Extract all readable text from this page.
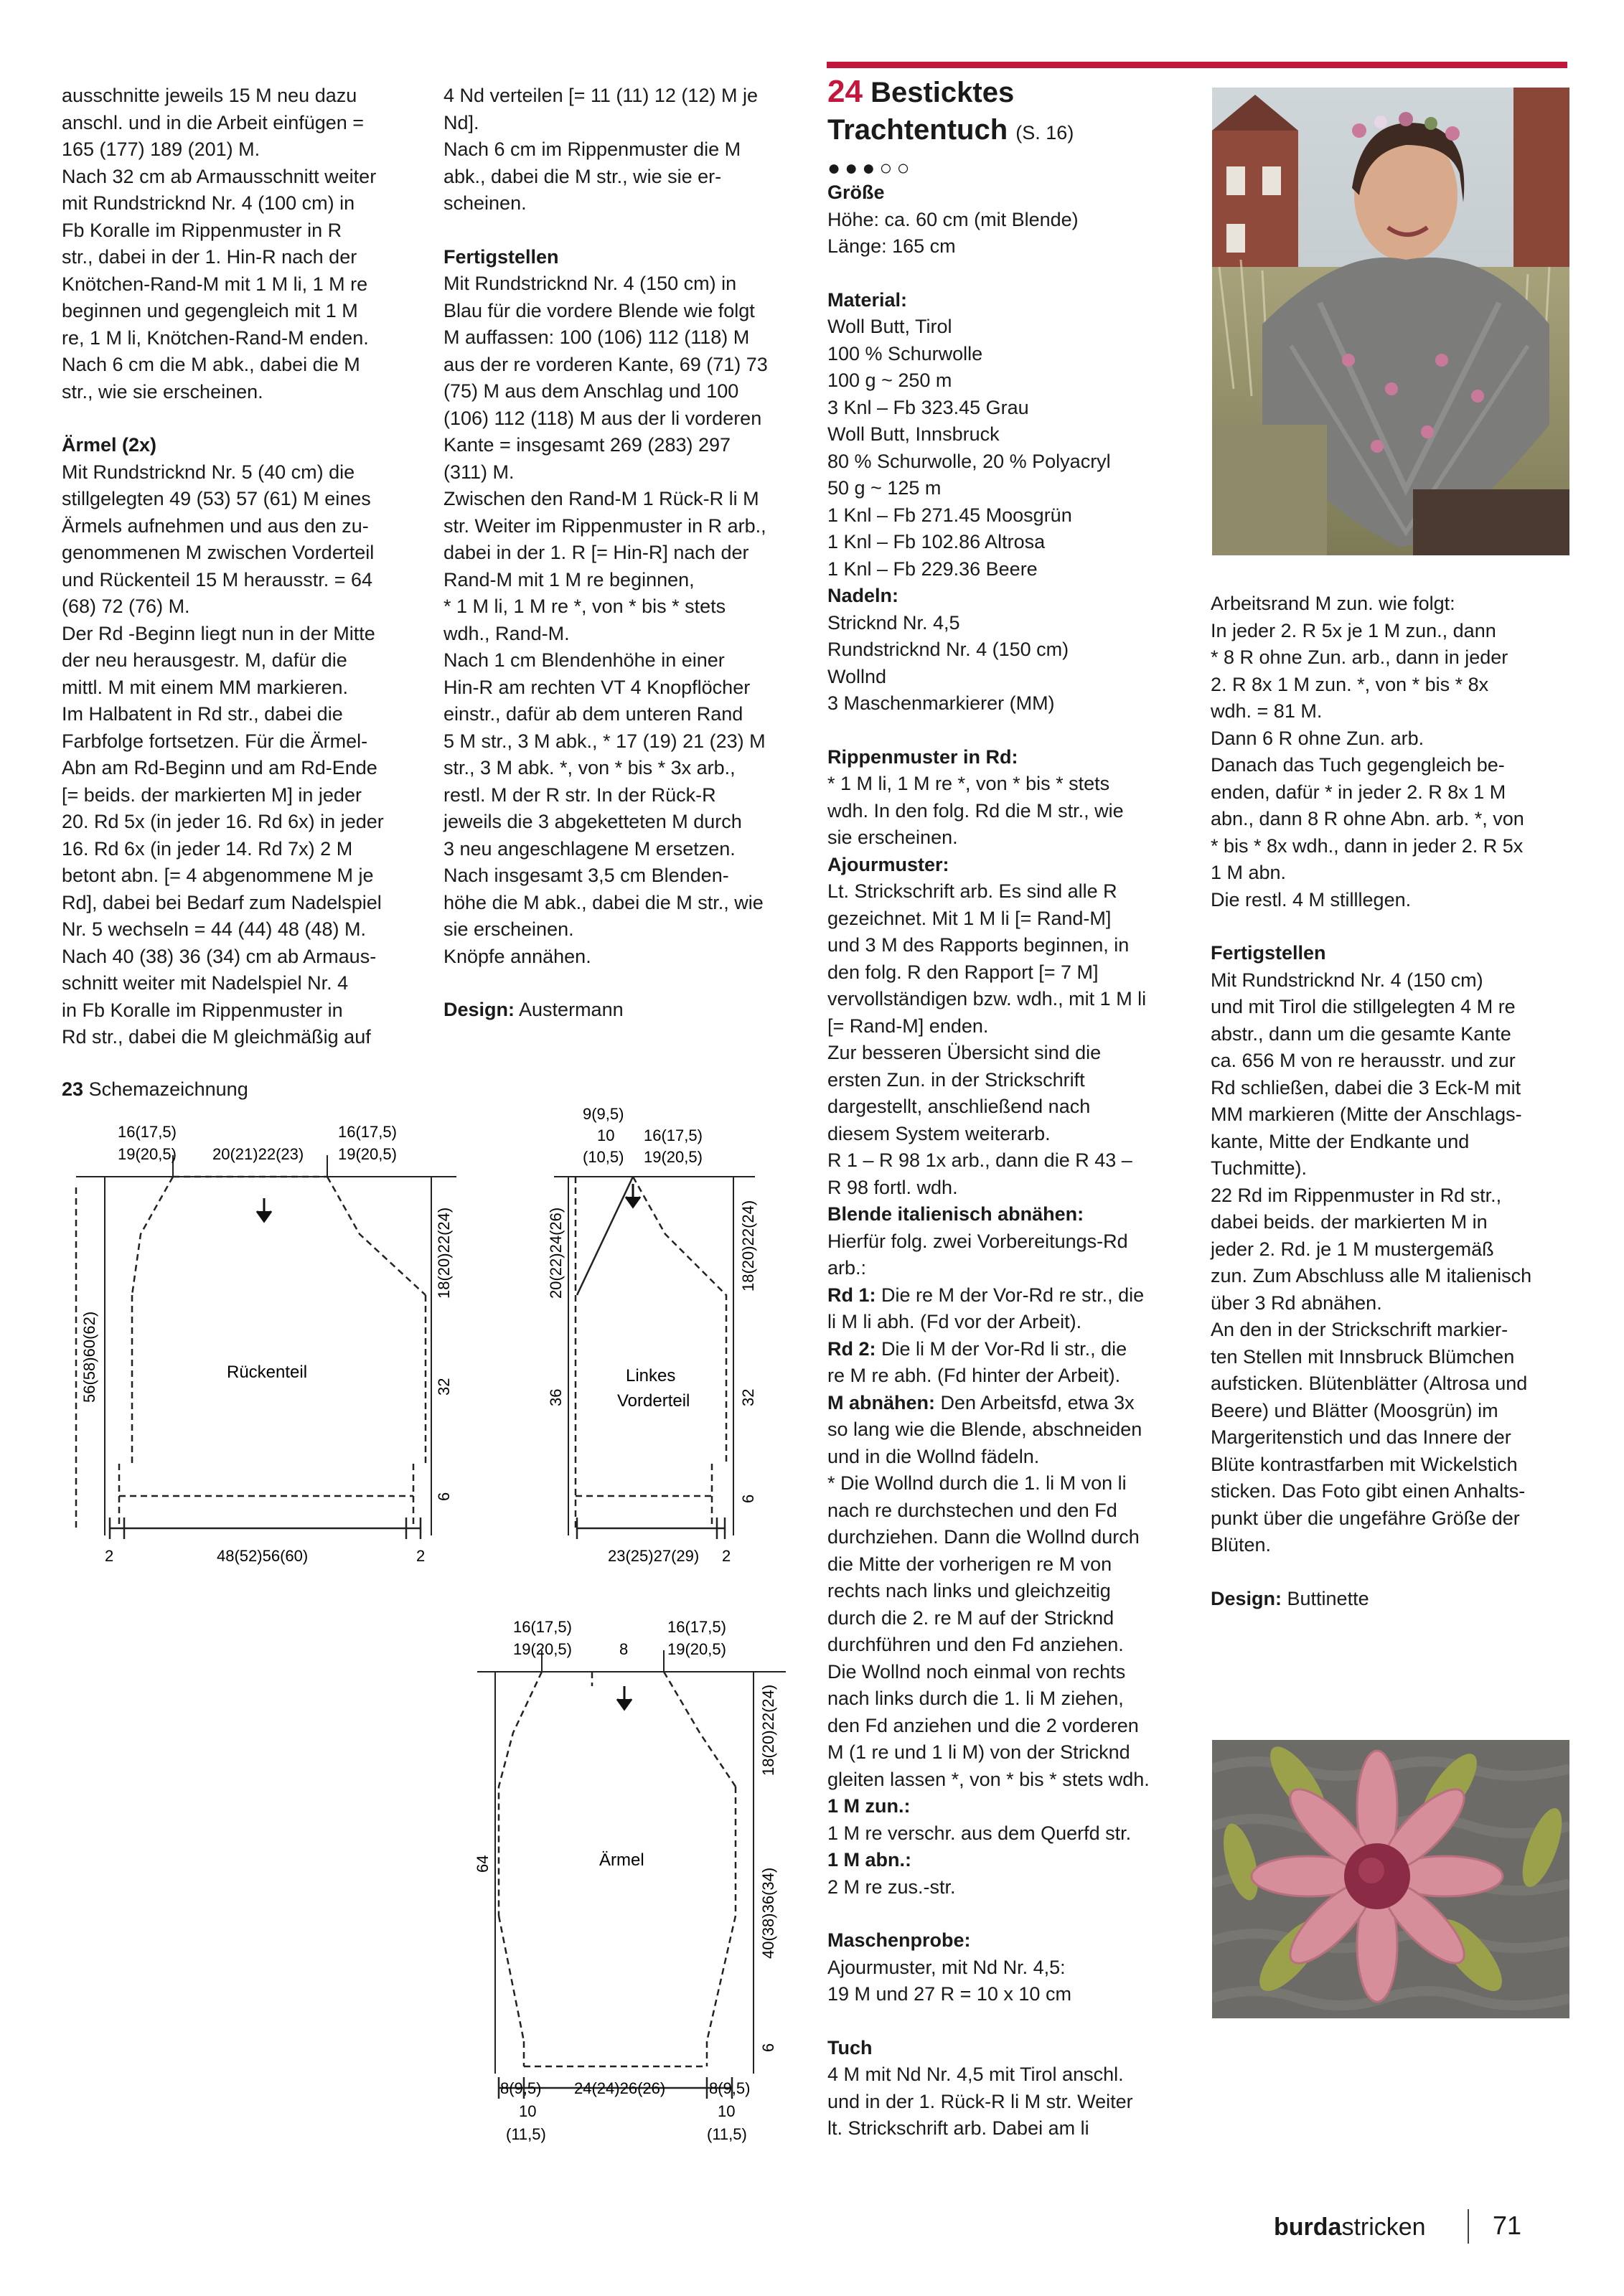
ausschnitte jeweils 15 M neu dazu

anschl. und in die Arbeit einfügen =

165 (177) 189 (201) M.

Nach 32 cm ab Armausschnitt weiter

mit Rundstricknd Nr. 4 (100 cm) in

Fb Koralle im Rippenmuster in R

str., dabei in der 1. Hin-R nach der

Knötchen-Rand-M mit 1 M li, 1 M re

beginnen und gegengleich mit 1 M

re, 1 M li, Knötchen-Rand-M enden.

Nach 6 cm die M abk., dabei die M

str., wie sie erscheinen.

Ärmel (2x)

Mit Rundstricknd Nr. 5 (40 cm) die

stillgelegten 49 (53) 57 (61) M eines

Ärmels aufnehmen und aus den zu-

genommenen M zwischen Vorderteil

und Rückenteil 15 M herausstr. = 64

(68) 72 (76) M.

Der Rd -Beginn liegt nun in der Mitte

der neu herausgestr. M, dafür die

mittl. M mit einem MM markieren.

Im Halbatent in Rd str., dabei die

Farbfolge fortsetzen. Für die Ärmel-

Abn am Rd-Beginn und am Rd-Ende

[= beids. der markierten M] in jeder

20. Rd 5x (in jeder 16. Rd 6x) in jeder

16. Rd 6x (in jeder 14. Rd 7x) 2 M

betont abn. [= 4 abgenommene M je

Rd], dabei bei Bedarf zum Nadelspiel

Nr. 5 wechseln = 44 (44) 48 (48) M.

Nach 40 (38) 36 (34) cm ab Armaus-

schnitt weiter mit Nadelspiel Nr. 4

in Fb Koralle im Rippenmuster in

Rd str., dabei die M gleichmäßig auf

4 Nd verteilen [= 11 (11) 12 (12) M je

Nd].

Nach 6 cm im Rippenmuster die M

abk., dabei die M str., wie sie er-

scheinen.

Fertigstellen

Mit Rundstricknd Nr. 4 (150 cm) in

Blau für die vordere Blende wie folgt

M auffassen: 100 (106) 112 (118) M

aus der re vorderen Kante, 69 (71) 73

(75) M aus dem Anschlag und 100

(106) 112 (118) M aus der li vorderen

Kante = insgesamt 269 (283) 297

(311) M.

Zwischen den Rand-M 1 Rück-R li M

str. Weiter im Rippenmuster in R arb.,

dabei in der 1. R [= Hin-R] nach der

Rand-M mit 1 M re beginnen,

* 1 M li, 1 M re *, von * bis * stets

wdh., Rand-M.

Nach 1 cm Blendenhöhe in einer

Hin-R am rechten VT 4 Knopflöcher

einstr., dafür ab dem unteren Rand

5 M str., 3 M abk., * 17 (19) 21 (23) M

str., 3 M abk. *, von * bis * 3x arb.,

restl. M der R str. In der Rück-R

jeweils die 3 abgeketteten M durch

3 neu angeschlagene M ersetzen.

Nach insgesamt 3,5 cm Blenden-

höhe die M abk., dabei die M str., wie

sie erscheinen.

Knöpfe annähen.

Design: Austermann

24 Besticktes
Trachtentuch (S. 16)
●●●○○

Größe

Höhe: ca. 60 cm (mit Blende)

Länge: 165 cm

Material:

Woll Butt, Tirol

100 % Schurwolle

100 g ~ 250 m

3 Knl – Fb 323.45 Grau

Woll Butt, Innsbruck

80 % Schurwolle, 20 % Polyacryl

50 g ~ 125 m

1 Knl – Fb 271.45 Moosgrün

1 Knl – Fb 102.86 Altrosa

1 Knl – Fb 229.36 Beere

Nadeln:

Stricknd Nr. 4,5

Rundstricknd Nr. 4 (150 cm)

Wollnd

3 Maschenmarkierer (MM)

Rippenmuster in Rd:

* 1 M li, 1 M re *, von * bis * stets

wdh. In den folg. Rd die M str., wie

sie erscheinen.

Ajourmuster:

Lt. Strickschrift arb. Es sind alle R

gezeichnet. Mit 1 M li [= Rand-M]

und 3 M des Rapports beginnen, in

den folg. R den Rapport [= 7 M]

vervollständigen bzw. wdh., mit 1 M li

[= Rand-M] enden.

Zur besseren Übersicht sind die

ersten Zun. in der Strickschrift

dargestellt, anschließend nach

diesem System weiterarb.

R 1 – R 98 1x arb., dann die R 43 –

R 98 fortl. wdh.

Blende italienisch abnähen:

Hierfür folg. zwei Vorbereitungs-Rd

arb.:

Rd 1: Die re M der Vor-Rd re str., die

li M li abh. (Fd vor der Arbeit).

Rd 2: Die li M der Vor-Rd li str., die

re M re abh. (Fd hinter der Arbeit).

M abnähen: Den Arbeitsfd, etwa 3x

so lang wie die Blende, abschneiden

und in die Wollnd fädeln.

* Die Wollnd durch die 1. li M von li

nach re durchstechen und den Fd

durchziehen. Dann die Wollnd durch

die Mitte der vorherigen re M von

rechts nach links und gleichzeitig

durch die 2. re M auf der Stricknd

durchführen und den Fd anziehen.

Die Wollnd noch einmal von rechts

nach links durch die 1. li M ziehen,

den Fd anziehen und die 2 vorderen

M (1 re und 1 li M) von der Stricknd

gleiten lassen *, von * bis * stets wdh.

1 M zun.:

1 M re verschr. aus dem Querfd str.

1 M abn.:

2 M re zus.-str.

Maschenprobe:

Ajourmuster, mit Nd Nr. 4,5:

19 M und 27 R = 10 x 10 cm

Tuch

4 M mit Nd Nr. 4,5 mit Tirol anschl.

und in der 1. Rück-R li M str. Weiter

lt. Strickschrift arb. Dabei am li

Arbeitsrand M zun. wie folgt:

In jeder 2. R 5x je 1 M zun., dann

* 8 R ohne Zun. arb., dann in jeder

2. R 8x 1 M zun. *, von * bis * 8x

wdh. = 81 M.

Dann 6 R ohne Zun. arb.

Danach das Tuch gegengleich be-

enden, dafür * in jeder 2. R 8x 1 M

abn., dann 8 R ohne Abn. arb. *, von

* bis * 8x wdh., dann in jeder 2. R 5x

1 M abn.

Die restl. 4 M stilllegen.

Fertigstellen

Mit Rundstricknd Nr. 4 (150 cm)

und mit Tirol die stillgelegten 4 M re

abstr., dann um die gesamte Kante

ca. 656 M von re herausstr. und zur

Rd schließen, dabei die 3 Eck-M mit

MM markieren (Mitte der Anschlags-

kante, Mitte der Endkante und

Tuchmitte).

22 Rd im Rippenmuster in Rd str.,

dabei beids. der markierten M in

jeder 2. Rd. je 1 M mustergemäß

zun. Zum Abschluss alle M italienisch

über 3 Rd abnähen.

An den in der Strickschrift markier-

ten Stellen mit Innsbruck Blümchen

aufsticken. Blütenblätter (Altrosa und

Beere) und Blätter (Moosgrün) im

Margeritenstich und das Innere der

Blüte kontrastfarben mit Wickelstich

sticken. Das Foto gibt einen Anhalts-

punkt über die ungefähre Größe der

Blüten.

Design: Buttinette

23 Schemazeichnung
16(17,5)
19(20,5) 20(21)22(23)
16(17,5)
19(20,5)
18(20)22(24)
32
6
56(58)60(62)	Rückenteil
2	48(52)56(60)	2
9(9,5)
10
(10,5)
16(17,5)
19(20,5)
20(22)24(26)
36
18(20)22(24)
32
6
Linkes
Vorderteil
23(25)27(29) 2
16(17,5)
19(20,5)	8
16(17,5)
19(20,5)
18(20)22(24)
40(38)36(34)
6
64	Ärmel
8(9,5)
10
(11,5)
24(24)26(26)	8(9,5)
10
(11,5)
burdastricken	71
